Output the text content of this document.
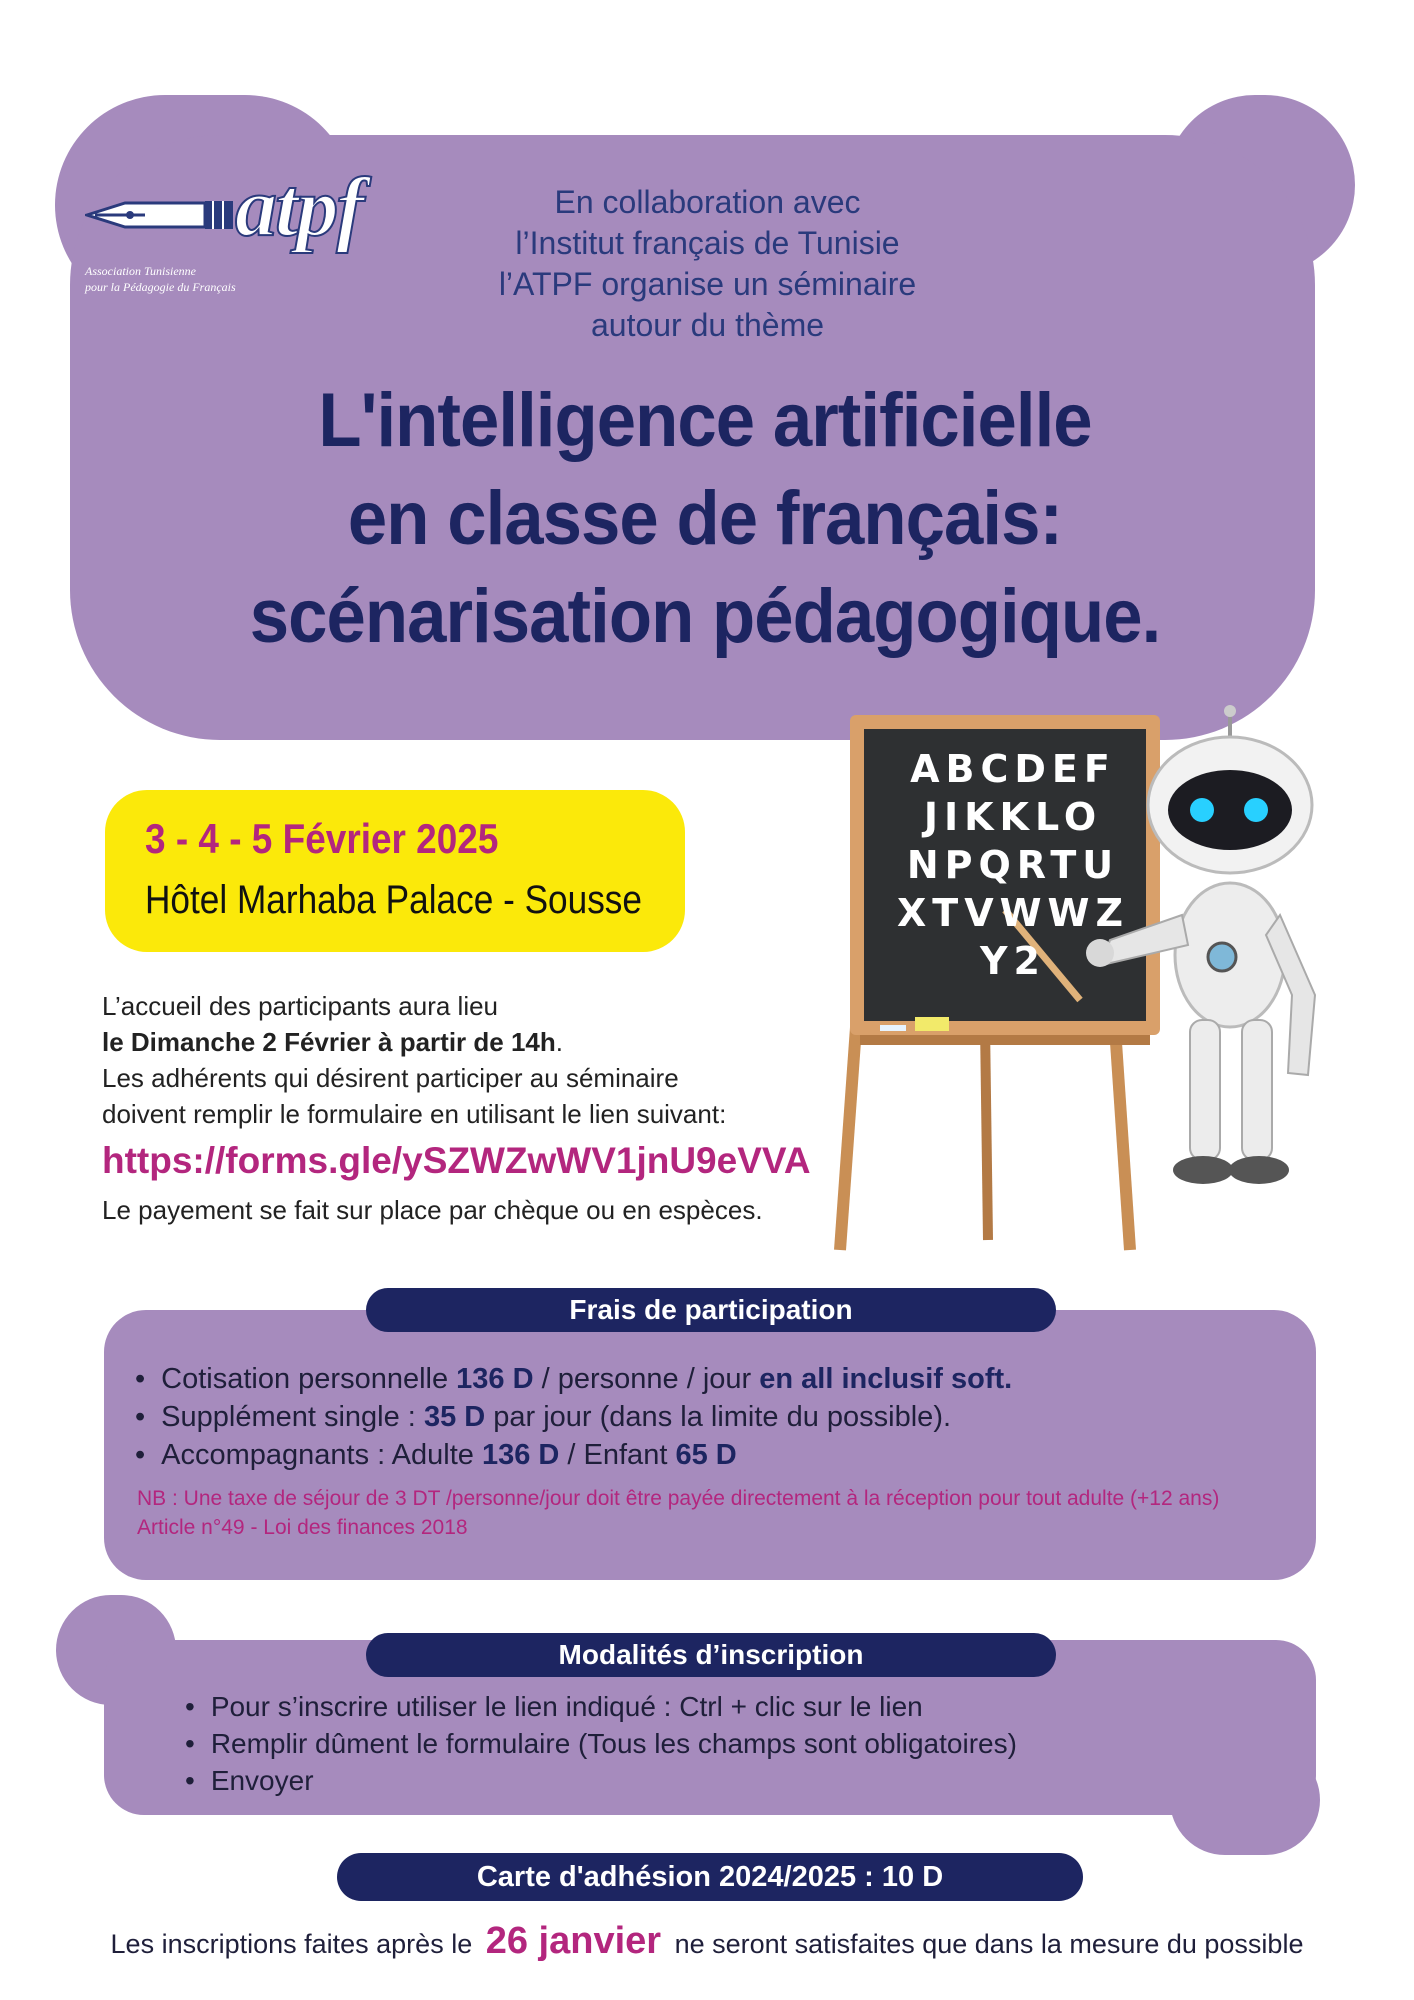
atpf
Association Tunisienne
pour la Pédagogie du Français
En collaboration avec
l’Institut français de Tunisie
l’ATPF organise un séminaire
autour du thème
L'intelligence artificielle
en classe de français:
scénarisation pédagogique.
3 - 4 - 5 Février 2025
Hôtel Marhaba Palace - Sousse
L’accueil des participants aura lieu
le Dimanche 2 Février à partir de 14h.
Les adhérents qui désirent participer au séminaire
doivent remplir le formulaire en utilisant le lien suivant:
https://forms.gle/ySZWZwWV1jnU9eVVA
Le payement se fait sur place par chèque ou en espèces.
ABCDEF
JIKKLO
NPQRTU
XTVWWZ
Y2
Frais de participation
• Cotisation personnelle 136 D / personne / jour en all inclusif soft.
• Supplément single : 35 D par jour (dans la limite du possible).
• Accompagnants : Adulte 136 D / Enfant 65 D
NB : Une taxe de séjour de 3 DT /personne/jour doit être payée directement à la réception pour tout adulte (+12 ans)
Article n°49 - Loi des finances 2018
Modalités d’inscription
• Pour s’inscrire utiliser le lien indiqué : Ctrl + clic sur le lien
• Remplir dûment le formulaire (Tous les champs sont obligatoires)
• Envoyer
Carte d'adhésion 2024/2025 : 10 D
Les inscriptions faites après le 26 janvier ne seront satisfaites que dans la mesure du possible
